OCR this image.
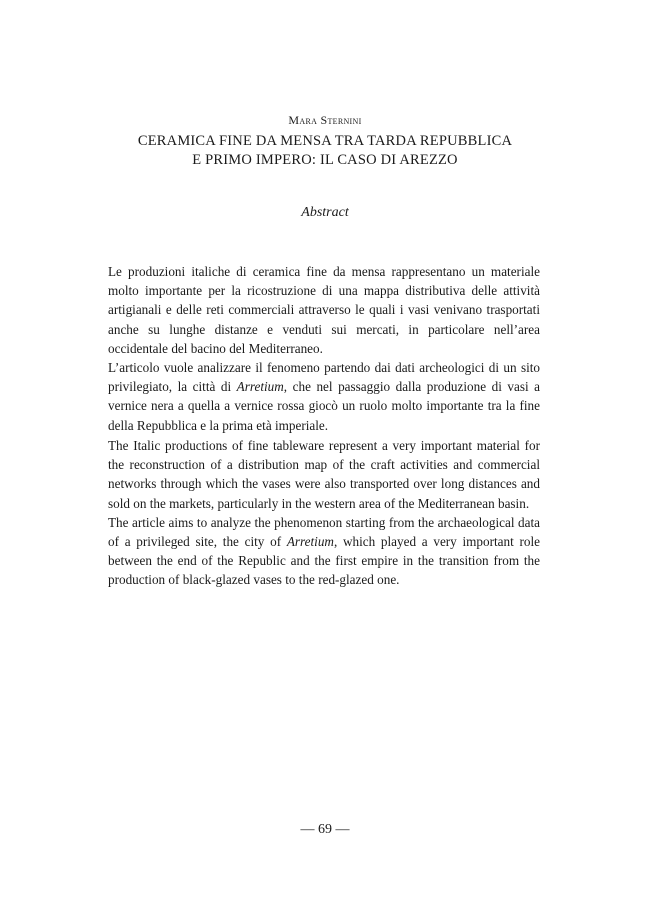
Mara Sternini
CERAMICA FINE DA MENSA TRA TARDA REPUBBLICA
E PRIMO IMPERO: IL CASO DI AREZZO
Abstract

Le produzioni italiche di ceramica fine da mensa rappresentano un materiale molto importante per la ricostruzione di una mappa distributiva delle attività artigianali e delle reti commerciali attraverso le quali i vasi venivano trasportati anche su lunghe distanze e venduti sui mercati, in particolare nell’area occidentale del bacino del Mediterraneo.

L’articolo vuole analizzare il fenomeno partendo dai dati archeologici di un sito privilegiato, la città di Arretium, che nel passaggio dalla produzione di vasi a vernice nera a quella a vernice rossa giocò un ruolo molto importante tra la fine della Repubblica e la prima età imperiale.

The Italic productions of fine tableware represent a very important material for the reconstruction of a distribution map of the craft activities and commercial networks through which the vases were also transported over long distances and sold on the markets, particularly in the western area of the Mediterranean basin.

The article aims to analyze the phenomenon starting from the archaeological data of a privileged site, the city of Arretium, which played a very important role between the end of the Republic and the first empire in the transition from the production of black-glazed vases to the red-glazed one.

— 69 —
